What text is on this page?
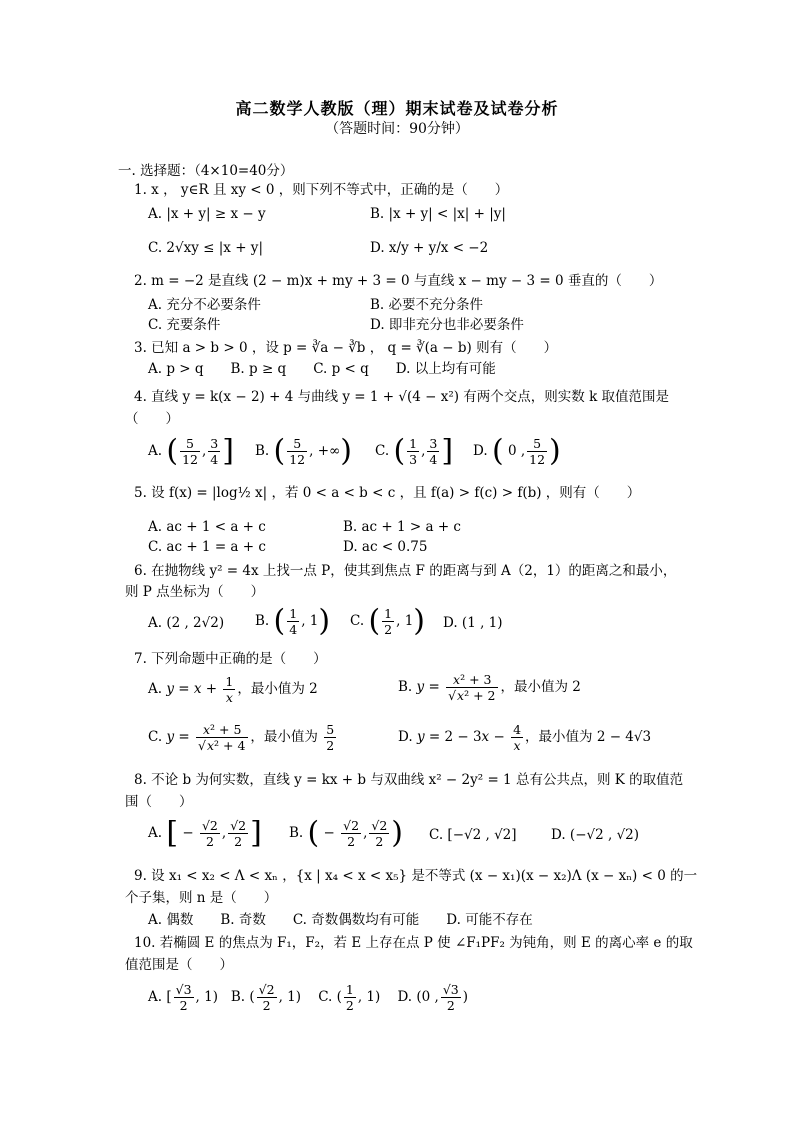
高二数学人教版（理）期末试卷及试卷分析
（答题时间：90分钟）
一. 选择题：（4×10=40分）
1. x ， y∈R 且 xy < 0 ，则下列不等式中，正确的是（　　）
A. |x + y| ≥ x − y	B. |x + y| < |x| + |y|
C. 2√xy ≤ |x + y|	D. x/y + y/x < −2
2. m = −2 是直线 (2 − m)x + my + 3 = 0 与直线 x − my − 3 = 0 垂直的（　　）
A. 充分不必要条件	B. 必要不充分条件
C. 充要条件	D. 即非充分也非必要条件
3. 已知 a > b > 0 ，设 p = ∛a − ∛b ， q = ∛(a − b) 则有（　　）
A. p > q　　B. p ≥ q　　C. p < q　　D. 以上均有可能
4. 直线 y = k(x − 2) + 4 与曲线 y = 1 + √(4 − x²) 有两个交点，则实数 k 取值范围是
（　　）
A. ( $\frac{5}{12}$ , $\frac{3}{4}$ ] B. ( $\frac{5}{12}$ , +∞) C. ( $\frac{1}{3}$ , $\frac{3}{4}$ ] D. ( 0 , $\frac{5}{12}$ )
5. 设 f(x) = |log½ x| ，若 0 < a < b < c ，且 f(a) > f(c) > f(b) ，则有（　　）
A. ac + 1 < a + c	B. ac + 1 > a + c
C. ac + 1 = a + c	D. ac < 0.75
6. 在抛物线 y² = 4x 上找一点 P，使其到焦点 F 的距离与到 A（2，1）的距离之和最小，
则 P 点坐标为（　　）
A. (2 , 2√2) B. ( $\frac{1}{4}$ , 1) C. ( $\frac{1}{2}$ , 1) D. (1 , 1)
7. 下列命题中正确的是（　　）
A. $y = x + \frac{1}{x}$ ，最小值为 2	B. $y = \frac{\text{x² + 3}}{\text{√x² + 2}}$ ，最小值为 2
C. $y = \frac{\text{x² + 5}}{\text{√x² + 4}}$ ，最小值为 $\frac{5}{2}$	D. $y = 2 - 3x - \frac{4}{x}$ ，最小值为 2 − 4√3
8. 不论 b 为何实数，直线 y = kx + b 与双曲线 x² − 2y² = 1 总有公共点，则 K 的取值范
围（　　）
A. [ − $\frac{√2}{2}$ , $\frac{√2}{2}$ ] B. ( − $\frac{√2}{2}$ , $\frac{√2}{2}$ ) C. [−√2 , √2]	D. (−√2 , √2)
9. 设 x₁ < x₂ < Λ < xₙ ，{x | x₄ < x < x₅} 是不等式 (x − x₁)(x − x₂)Λ (x − xₙ) < 0 的一
个子集，则 n 是（　　）
A. 偶数　　B. 奇数　　C. 奇数偶数均有可能　　D. 可能不存在
10. 若椭圆 E 的焦点为 F₁，F₂，若 E 上存在点 P 使 ∠F₁PF₂ 为钝角，则 E 的离心率 e 的取
值范围是（　　）
A. [ $\frac{√3}{2}$ , 1) B. ( $\frac{√2}{2}$ , 1) C. ( $\frac{1}{2}$ , 1) D. (0 , $\frac{√3}{2}$ )
